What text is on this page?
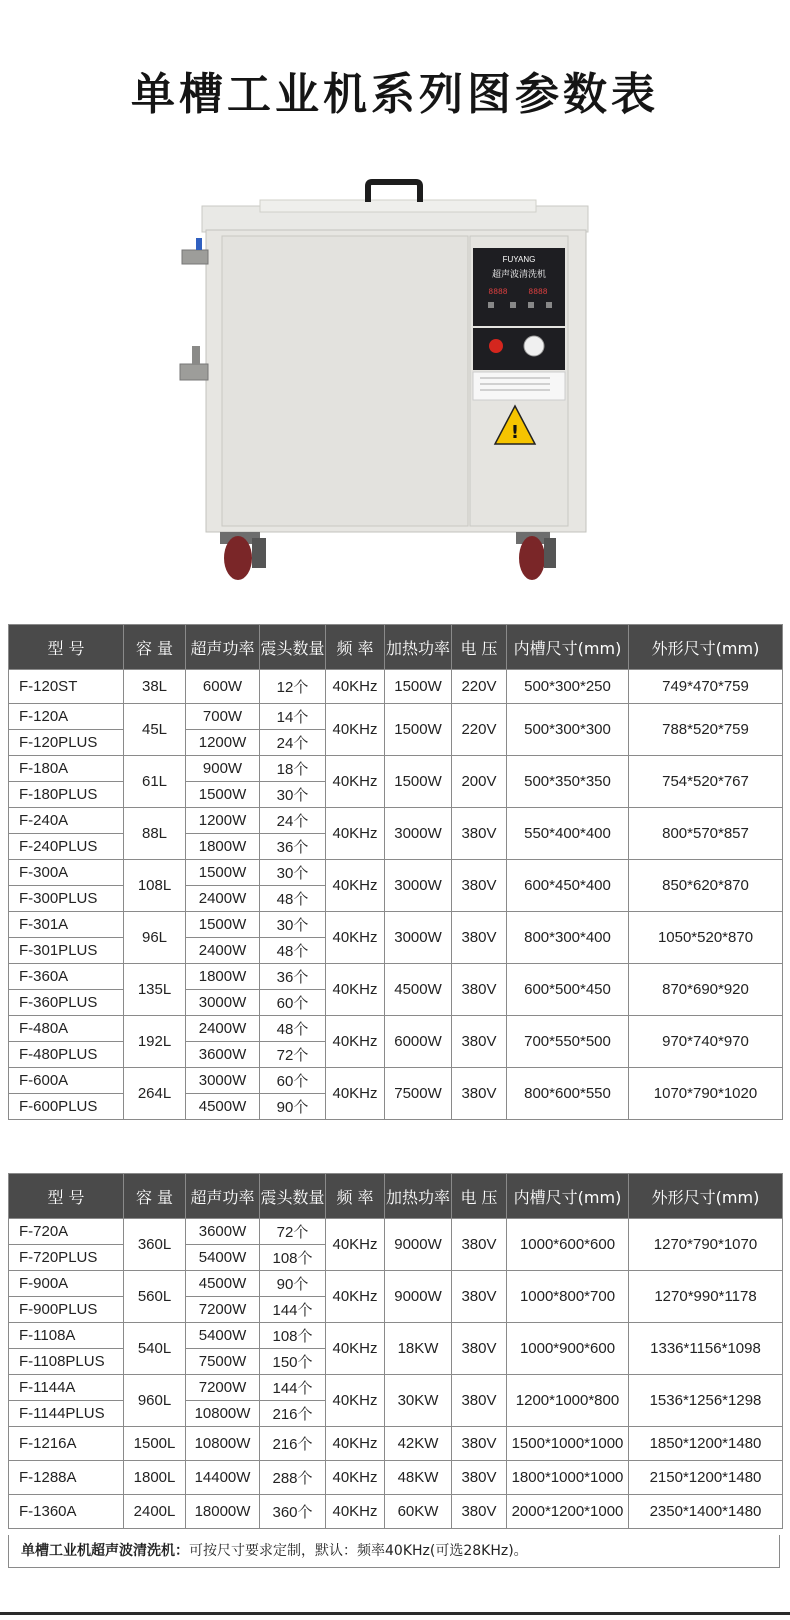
单槽工业机系列图参数表
FUYANG
超声波清洗机
8888	8888
!
型 号	容 量	超声功率	震头数量	频 率	加热功率	电 压	内槽尺寸(mm)	外形尺寸(mm)
F-120ST	38L	600W	12个	40KHz	1500W	220V	500*300*250	749*470*759
F-120A	45L	700W	14个	40KHz	1500W	220V	500*300*300	788*520*759
F-120PLUS		1200W	24个					
F-180A	61L	900W	18个	40KHz	1500W	200V	500*350*350	754*520*767
F-180PLUS		1500W	30个					
F-240A	88L	1200W	24个	40KHz	3000W	380V	550*400*400	800*570*857
F-240PLUS		1800W	36个					
F-300A	108L	1500W	30个	40KHz	3000W	380V	600*450*400	850*620*870
F-300PLUS		2400W	48个					
F-301A	96L	1500W	30个	40KHz	3000W	380V	800*300*400	1050*520*870
F-301PLUS		2400W	48个					
F-360A	135L	1800W	36个	40KHz	4500W	380V	600*500*450	870*690*920
F-360PLUS		3000W	60个					
F-480A	192L	2400W	48个	40KHz	6000W	380V	700*550*500	970*740*970
F-480PLUS		3600W	72个					
F-600A	264L	3000W	60个	40KHz	7500W	380V	800*600*550	1070*790*1020
F-600PLUS		4500W	90个					
型 号	容 量	超声功率	震头数量	频 率	加热功率	电 压	内槽尺寸(mm)	外形尺寸(mm)
F-720A	360L	3600W	72个	40KHz	9000W	380V	1000*600*600	1270*790*1070
F-720PLUS		5400W	108个					
F-900A	560L	4500W	90个	40KHz	9000W	380V	1000*800*700	1270*990*1178
F-900PLUS		7200W	144个					
F-1108A	540L	5400W	108个	40KHz	18KW	380V	1000*900*600	1336*1156*1098
F-1108PLUS		7500W	150个					
F-1144A	960L	7200W	144个	40KHz	30KW	380V	1200*1000*800	1536*1256*1298
F-1144PLUS		10800W	216个					
F-1216A	1500L	10800W	216个	40KHz	42KW	380V	1500*1000*1000	1850*1200*1480
F-1288A	1800L	14400W	288个	40KHz	48KW	380V	1800*1000*1000	2150*1200*1480
F-1360A	2400L	18000W	360个	40KHz	60KW	380V	2000*1200*1000	2350*1400*1480
单槽工业机超声波清洗机：可按尺寸要求定制，默认：频率40KHz(可选28KHz)。
